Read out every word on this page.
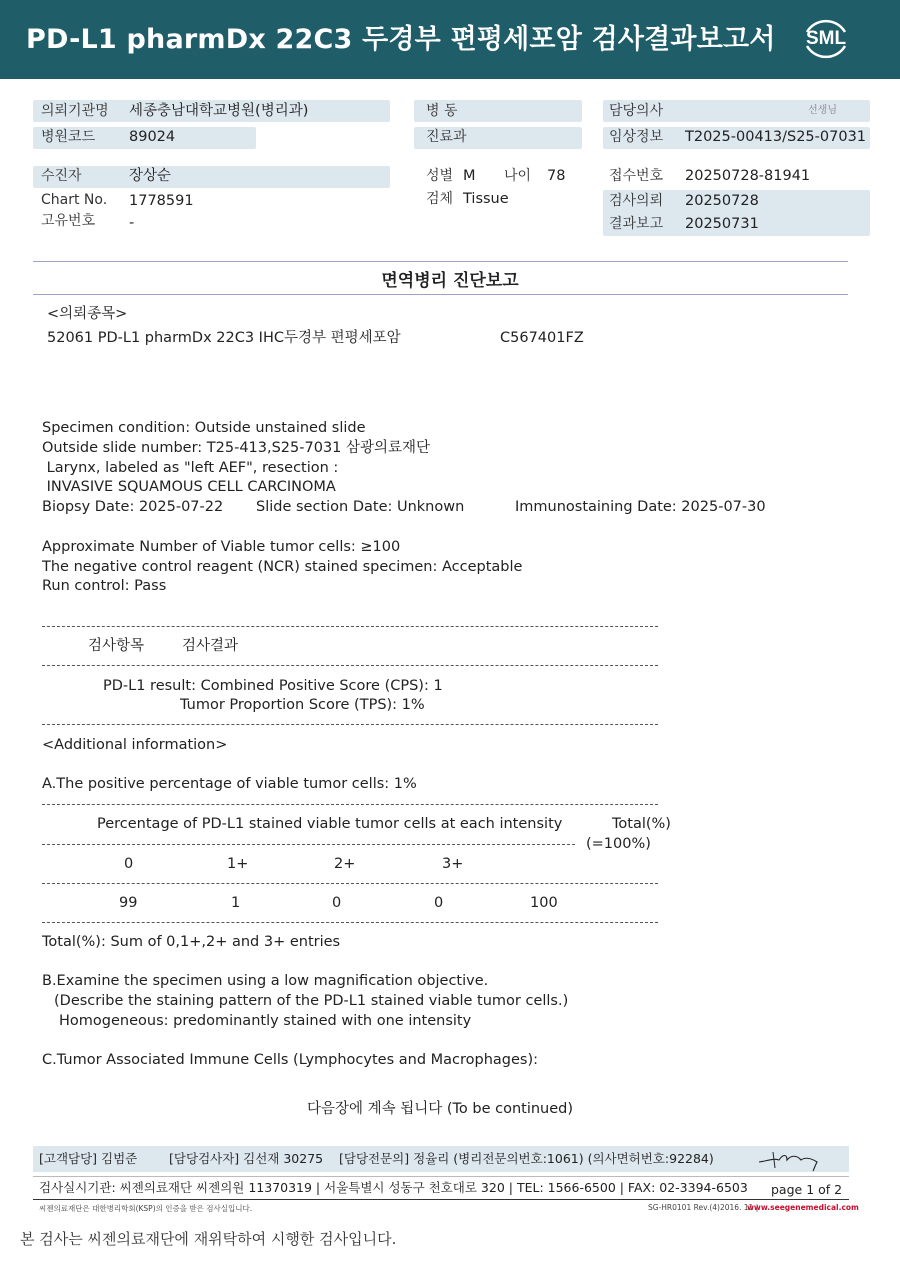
PD-L1 pharmDx 22C3 두경부 편평세포암 검사결과보고서	SML
의뢰기관명 세종충남대학교병원(병리과)
병원코드 89024
병 동
진료과
담당의사	선생님
임상정보 T2025-00413/S25-07031
수진자	장상순
Chart No. 1778591
고유번호 -
성별 M 나이 78
검체 Tissue
접수번호 20250728-81941
검사의뢰 20250728
결과보고 20250731
면역병리 진단보고
<의뢰종목>
52061 PD-L1 pharmDx 22C3 IHC두경부 편평세포암	C567401FZ
Specimen condition: Outside unstained slide
Outside slide number: T25-413,S25-7031 삼광의료재단
Larynx, labeled as "left AEF", resection :
INVASIVE SQUAMOUS CELL CARCINOMA
Biopsy Date: 2025-07-22 Slide section Date: Unknown	Immunostaining Date: 2025-07-30
Approximate Number of Viable tumor cells: ≥100
The negative control reagent (NCR) stained specimen: Acceptable
Run control: Pass
검사항목	검사결과
PD-L1 result: Combined Positive Score (CPS): 1
Tumor Proportion Score (TPS): 1%
<Additional information>
A.The positive percentage of viable tumor cells: 1%
Percentage of PD-L1 stained viable tumor cells at each intensity	Total(%)
(=100%)
0	1+	2+	3+
99	1	0	0	100
Total(%): Sum of 0,1+,2+ and 3+ entries
B.Examine the specimen using a low magnification objective.
(Describe the staining pattern of the PD-L1 stained viable tumor cells.)
Homogeneous: predominantly stained with one intensity
C.Tumor Associated Immune Cells (Lymphocytes and Macrophages):
다음장에 계속 됩니다 (To be continued)
[고객담당] 김범준        [담당검사자] 김선재 30275    [담당전문의] 정율리 (병리전문의번호:1061) (의사면허번호:92284)
검사실시기관: 씨젠의료재단 씨젠의원 11370319 | 서울특별시 성동구 천호대로 320 | TEL: 1566-6500 | FAX: 02-3394-6503 page 1 of 2
씨젠의료재단은 대한병리학회(KSP)의 인증을 받은 검사실입니다.	SG-HR0101 Rev.(4)2016. 11 |
www.seegenemedical.com
본 검사는 씨젠의료재단에 재위탁하여 시행한 검사입니다.
